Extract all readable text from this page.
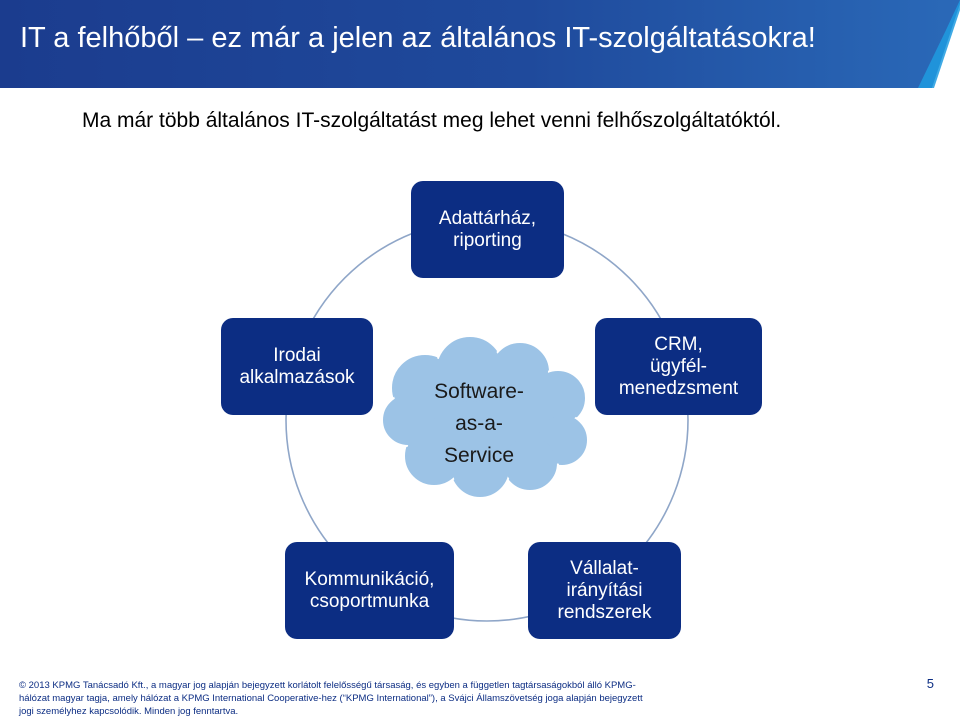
IT a felhőből – ez már a jelen az általános IT-szolgáltatásokra!

Ma már több általános IT-szolgáltatást meg lehet venni felhőszolgáltatóktól.

Software-
as-a-
Service
Adattárház,
riporting
CRM,
ügyfél-
menedzsment
Vállalat-
irányítási
rendszerek
Kommunikáció,
csoportmunka
Irodai
alkalmazások
© 2013 KPMG Tanácsadó Kft., a magyar jog alapján bejegyzett korlátolt felelősségű társaság, és egyben a független tagtársaságokból álló KPMG-hálózat magyar tagja, amely hálózat a KPMG International Cooperative-hez (“KPMG International”), a Svájci Államszövetség joga alapján bejegyzett jogi személyhez kapcsolódik. Minden jog fenntartva.
5
